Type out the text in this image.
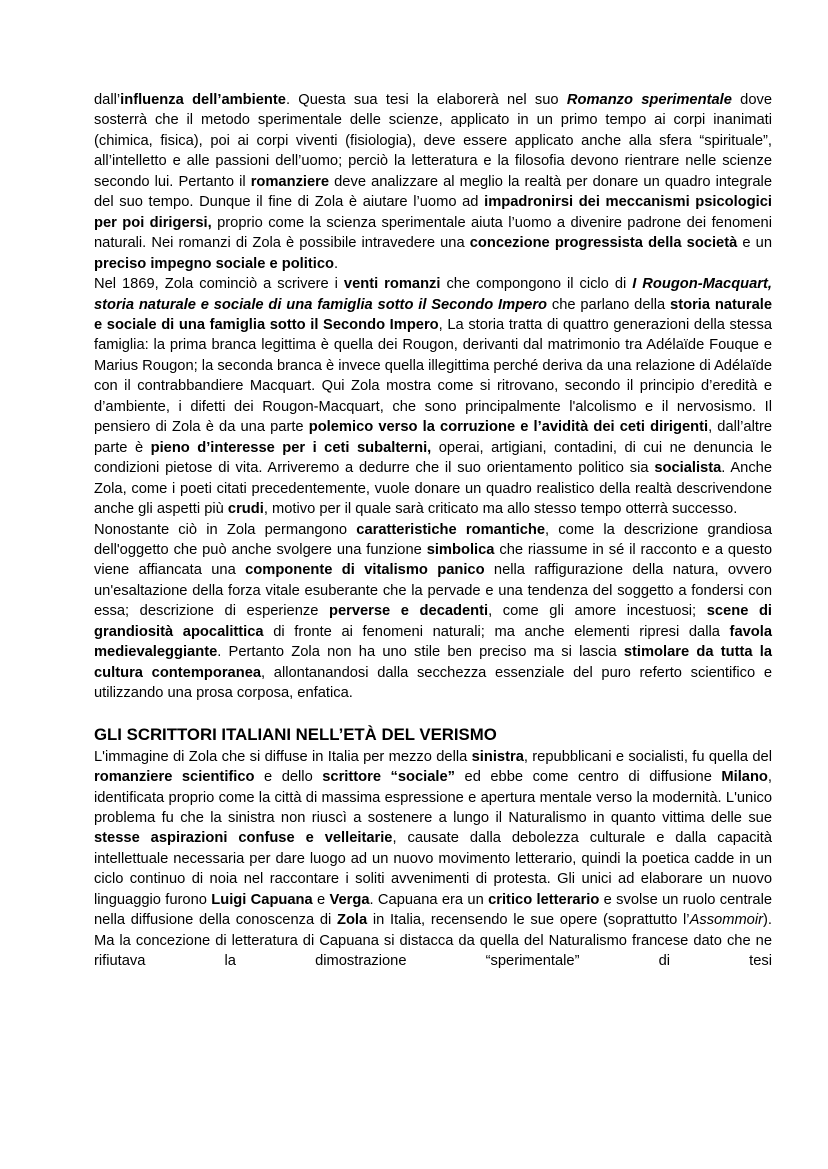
dall’influenza dell’ambiente. Questa sua tesi la elaborerà nel suo Romanzo sperimentale dove sosterrà che il metodo sperimentale delle scienze, applicato in un primo tempo ai corpi inanimati (chimica, fisica), poi ai corpi viventi (fisiologia), deve essere applicato anche alla sfera “spirituale”, all’intelletto e alle passioni dell’uomo; perciò la letteratura e la filosofia devono rientrare nelle scienze secondo lui. Pertanto il romanziere deve analizzare al meglio la realtà per donare un quadro integrale del suo tempo. Dunque il fine di Zola è aiutare l’uomo ad impadronirsi dei meccanismi psicologici per poi dirigersi, proprio come la scienza sperimentale aiuta l’uomo a divenire padrone dei fenomeni naturali. Nei romanzi di Zola è possibile intravedere una concezione progressista della società e un preciso impegno sociale e politico.

Nel 1869, Zola cominciò a scrivere i venti romanzi che compongono il ciclo di I Rougon-Macquart, storia naturale e sociale di una famiglia sotto il Secondo Impero che parlano della storia naturale e sociale di una famiglia sotto il Secondo Impero, La storia tratta di quattro generazioni della stessa famiglia: la prima branca legittima è quella dei Rougon, derivanti dal matrimonio tra Adélaïde Fouque e Marius Rougon; la seconda branca è invece quella illegittima perché deriva da una relazione di Adélaïde con il contrabbandiere Macquart. Qui Zola mostra come si ritrovano, secondo il principio d’eredità e d’ambiente, i difetti dei Rougon-Macquart, che sono principalmente l'alcolismo e il nervosismo. Il pensiero di Zola è da una parte polemico verso la corruzione e l’avidità dei ceti dirigenti, dall’altre parte è pieno d’interesse per i ceti subalterni, operai, artigiani, contadini, di cui ne denuncia le condizioni pietose di vita. Arriveremo a dedurre che il suo orientamento politico sia socialista. Anche Zola, come i poeti citati precedentemente, vuole donare un quadro realistico della realtà descrivendone anche gli aspetti più crudi, motivo per il quale sarà criticato ma allo stesso tempo otterrà successo.

Nonostante ciò in Zola permangono caratteristiche romantiche, come la descrizione grandiosa dell'oggetto che può anche svolgere una funzione simbolica che riassume in sé il racconto e a questo viene affiancata una componente di vitalismo panico nella raffigurazione della natura, ovvero un'esaltazione della forza vitale esuberante che la pervade e una tendenza del soggetto a fondersi con essa; descrizione di esperienze perverse e decadenti, come gli amore incestuosi; scene di grandiosità apocalittica di fronte ai fenomeni naturali; ma anche elementi ripresi dalla favola medievaleggiante. Pertanto Zola non ha uno stile ben preciso ma si lascia stimolare da tutta la cultura contemporanea, allontanandosi dalla secchezza essenziale del puro referto scientifico e utilizzando una prosa corposa, enfatica.

GLI SCRITTORI ITALIANI NELL’ETÀ DEL VERISMO

L'immagine di Zola che si diffuse in Italia per mezzo della sinistra, repubblicani e socialisti, fu quella del romanziere scientifico e dello scrittore “sociale” ed ebbe come centro di diffusione Milano, identificata proprio come la città di massima espressione e apertura mentale verso la modernità. L'unico problema fu che la sinistra non riuscì a sostenere a lungo il Naturalismo in quanto vittima delle sue stesse aspirazioni confuse e velleitarie, causate dalla debolezza culturale e dalla capacità intellettuale necessaria per dare luogo ad un nuovo movimento letterario, quindi la poetica cadde in un ciclo continuo di noia nel raccontare i soliti avvenimenti di protesta. Gli unici ad elaborare un nuovo linguaggio furono Luigi Capuana e Verga. Capuana era un critico letterario e svolse un ruolo centrale nella diffusione della conoscenza di Zola in Italia, recensendo le sue opere (soprattutto l’Assommoir). Ma la concezione di letteratura di Capuana si distacca da quella del Naturalismo francese dato che ne rifiutava la dimostrazione “sperimentale” di tesi
